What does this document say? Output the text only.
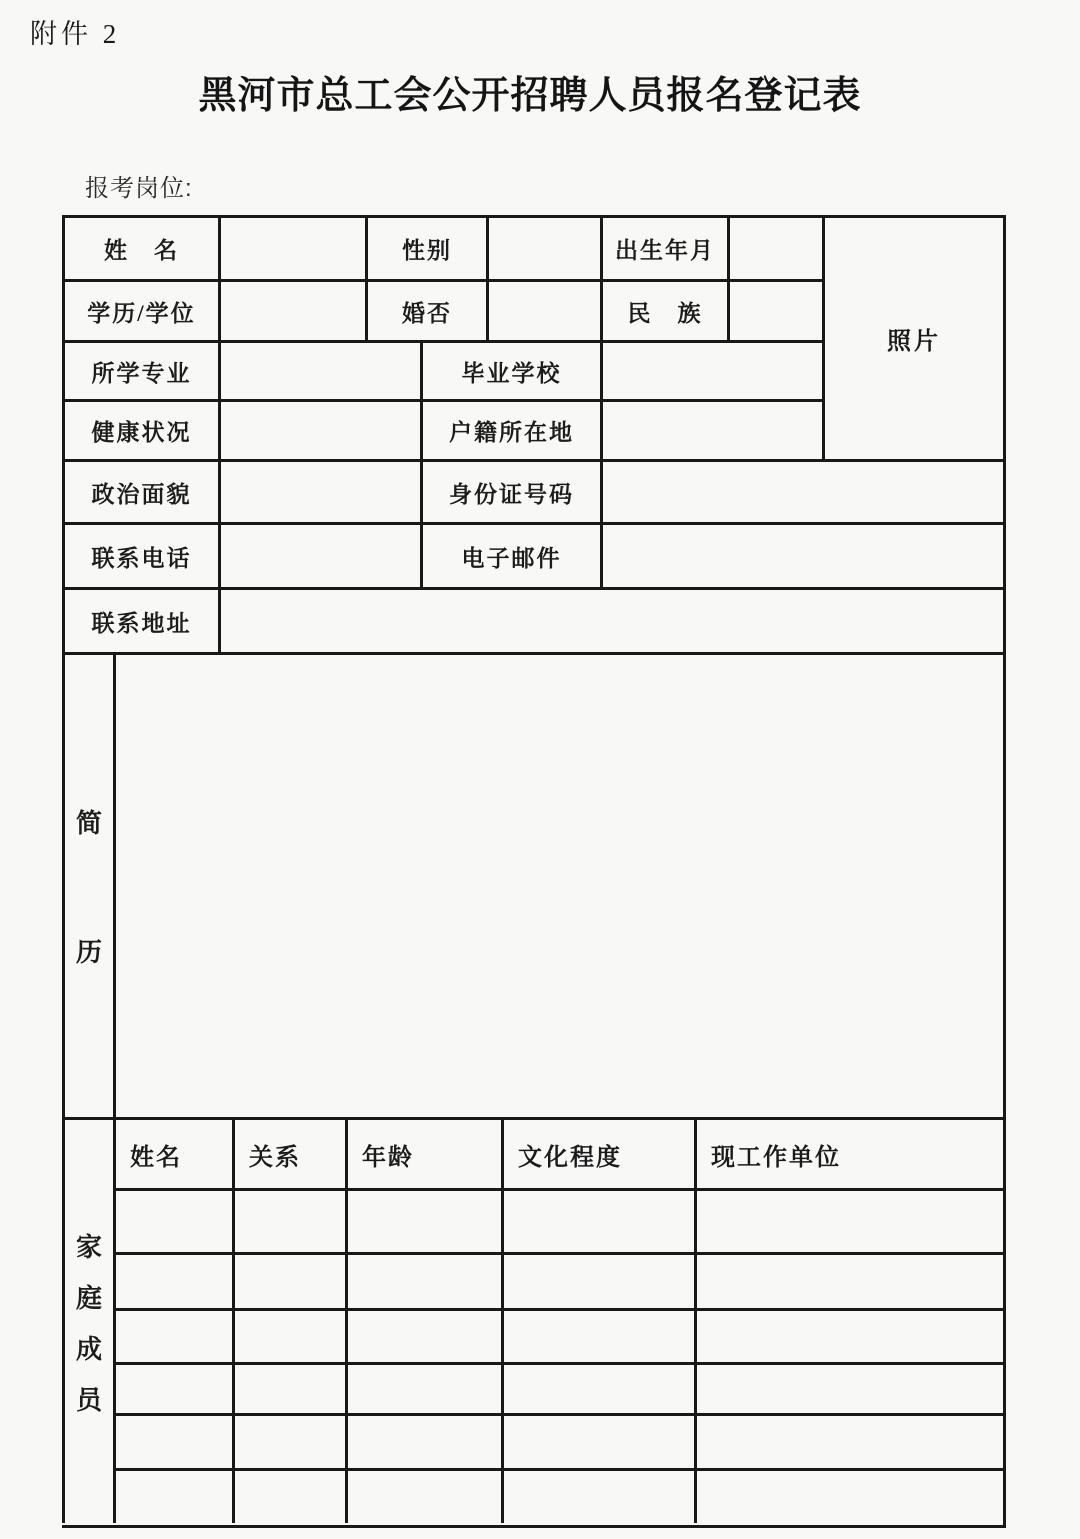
附件 2
黑河市总工会公开招聘人员报名登记表
报考岗位:
姓　名	性别	出生年月
照片
学历/学位	婚否	民　族
所学专业	毕业学校
健康状况	户籍所在地
政治面貌	身份证号码
联系电话	电子邮件
联系地址
简
历
家
庭
成
员
姓名	关系	年龄	文化程度	现工作单位
